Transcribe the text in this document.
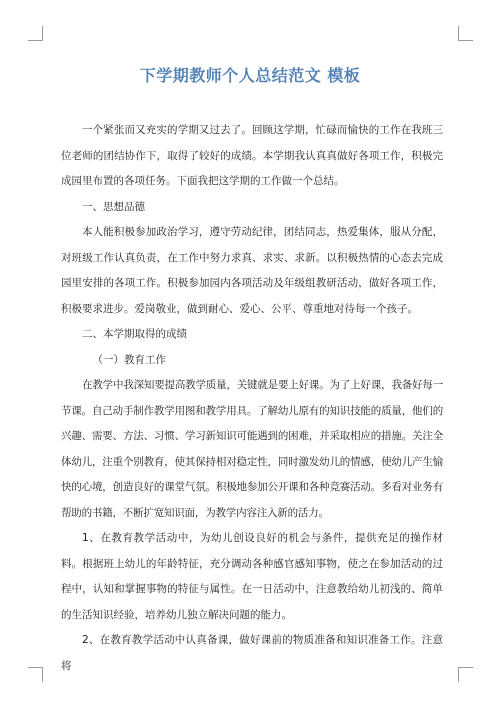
下学期教师个人总结范文 模板

一个紧张而又充实的学期又过去了。回顾这学期，忙碌而愉快的工作在我班三位老师的团结协作下，取得了较好的成绩。本学期我认真真做好各项工作，积极完成园里布置的各项任务。下面我把这学期的工作做一个总结。

一、思想品德

本人能积极参加政治学习，遵守劳动纪律，团结同志，热爱集体，服从分配，对班级工作认真负责，在工作中努力求真、求实、求新。以积极热情的心态去完成园里安排的各项工作。积极参加园内各项活动及年级组教研活动，做好各项工作，积极要求进步。爱岗敬业，做到耐心、爱心、公平、尊重地对待每一个孩子。

二、本学期取得的成绩

（一）教育工作

在教学中我深知要提高教学质量，关键就是要上好课。为了上好课，我备好每一节课。自己动手制作教学用图和教学用具。了解幼儿原有的知识技能的质量，他们的兴趣、需要、方法、习惯、学习新知识可能遇到的困难，并采取相应的措施。关注全体幼儿，注重个别教育，使其保持相对稳定性，同时激发幼儿的情感，使幼儿产生愉快的心境，创造良好的课堂气氛。积极地参加公开课和各种竞赛活动。多看对业务有帮助的书籍，不断扩宽知识面，为教学内容注入新的活力。

1、在教育教学活动中，为幼儿创设良好的机会与条件，提供充足的操作材料。根据班上幼儿的年龄特征，充分调动各种感官感知事物，使之在参加活动的过程中，认知和掌握事物的特征与属性。在一日活动中，注意教给幼儿初浅的、简单的生活知识经验，培养幼儿独立解决问题的能力。

2、在教育教学活动中认真备课，做好课前的物质准备和知识准备工作。注意将
